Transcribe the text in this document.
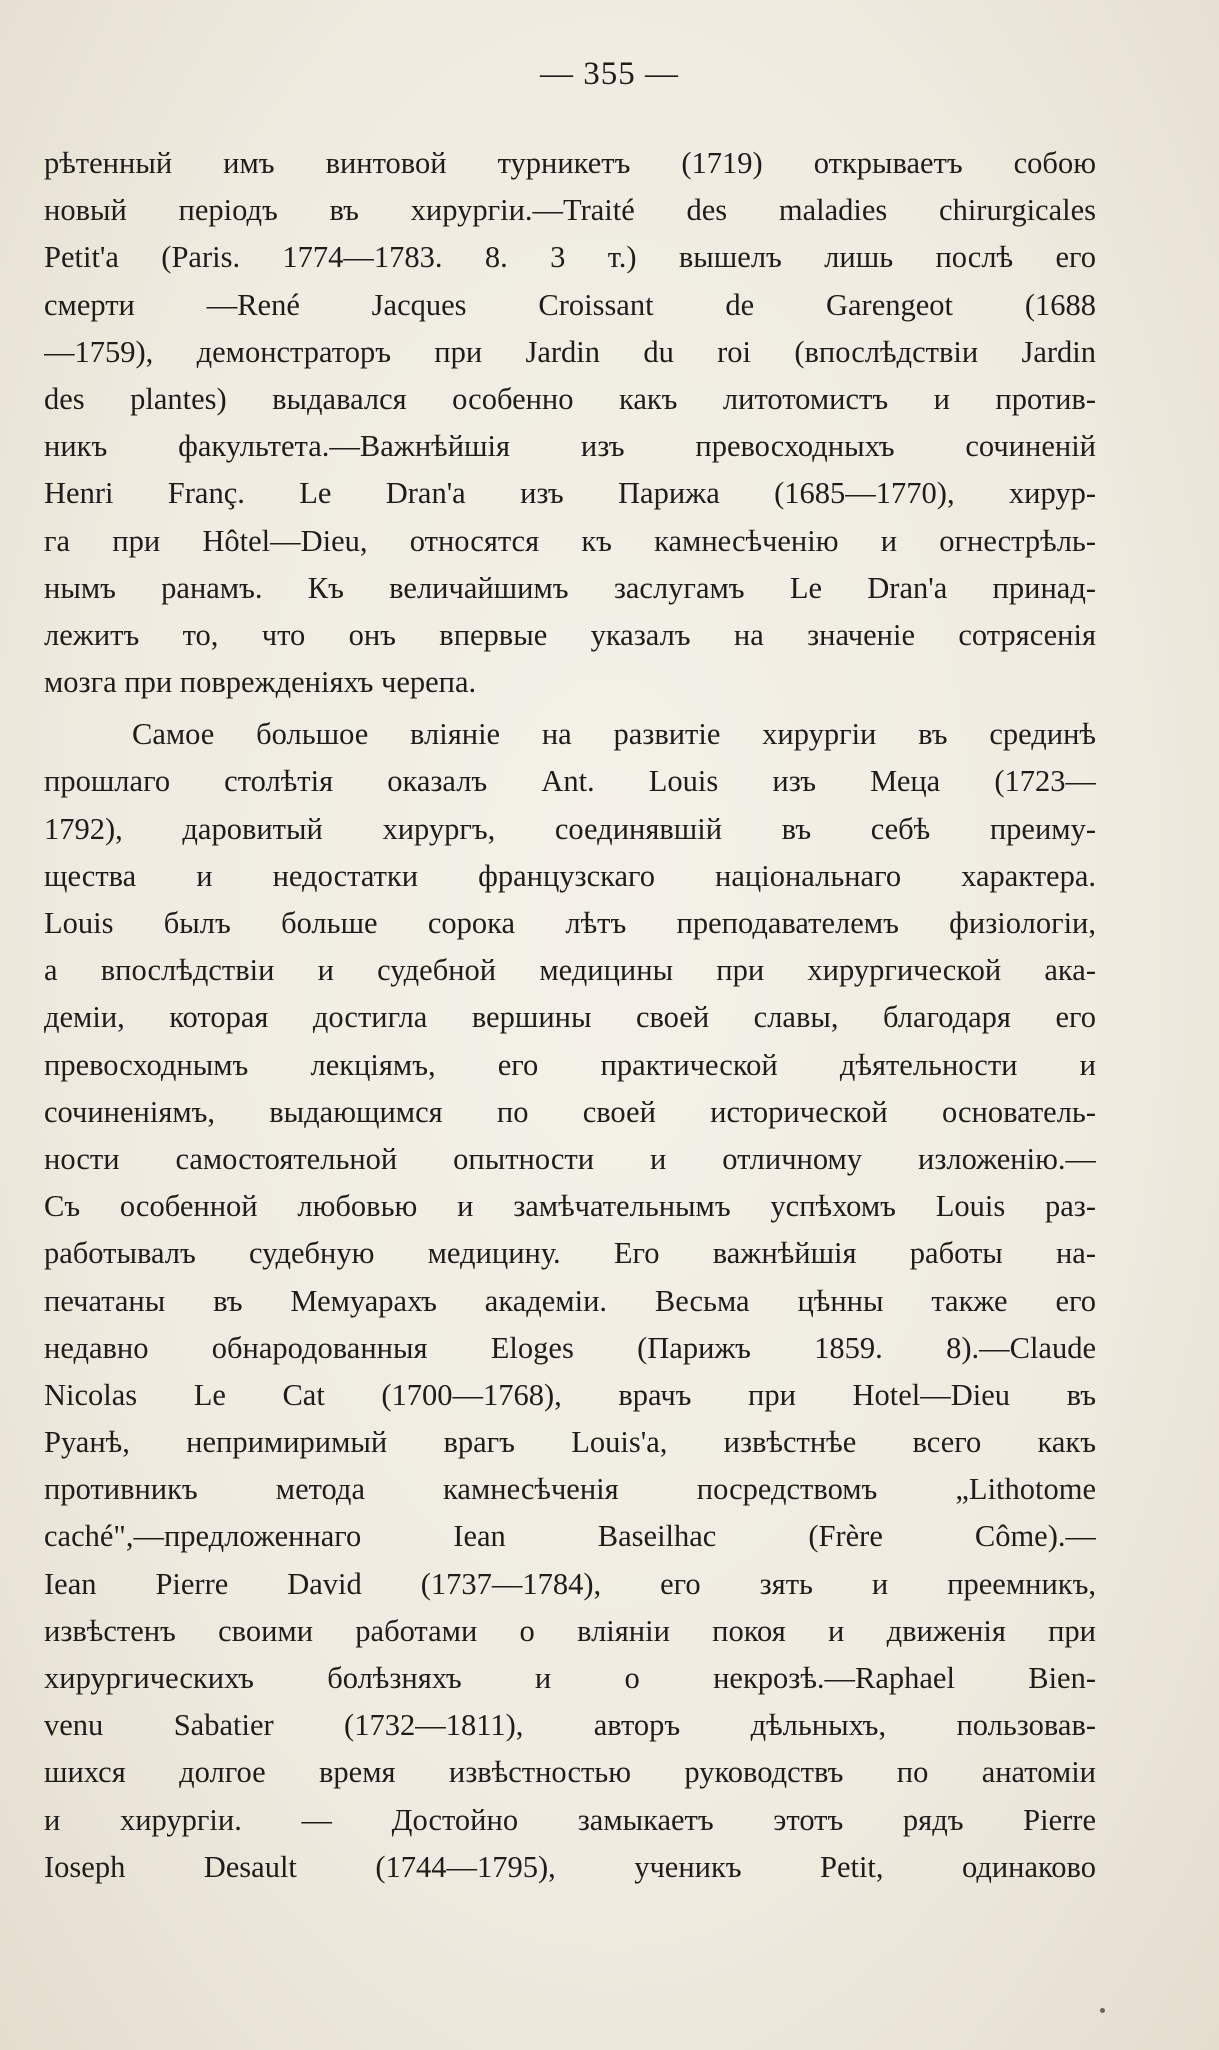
— 355 —
рѣтенный имъ винтовой турникетъ (1719) открываетъ собою
новый періодъ въ хирургіи.—Traité des maladies chirurgicales
Petit'a (Paris. 1774—1783. 8. 3 т.) вышелъ лишь послѣ его
смерти —René Jacques Croissant de Garengeot (1688
—1759), демонстраторъ при Jardin du roi (впослѣдствіи Jardin
des plantes) выдавался особенно какъ литотомистъ и против-
никъ факультета.—Важнѣйшія изъ превосходныхъ сочиненій
Henri Franç. Le Dran'a изъ Парижа (1685—1770), хирур-
га при Hôtel—Dieu, относятся къ камнесѣченію и огнестрѣль-
нымъ ранамъ. Къ величайшимъ заслугамъ Le Dran'a принад-
лежитъ то, что онъ впервые указалъ на значеніе сотрясенія
мозга при поврежденіяхъ черепа.
Самое большое вліяніе на развитіе хирургіи въ срединѣ
прошлаго столѣтія оказалъ Ant. Louis изъ Меца (1723—
1792), даровитый хирургъ, соединявшій въ себѣ преиму-
щества и недостатки французскаго національнаго характера.
Louis былъ больше сорока лѣтъ преподавателемъ физіологіи,
а впослѣдствіи и судебной медицины при хирургической ака-
деміи, которая достигла вершины своей славы, благодаря его
превосходнымъ лекціямъ, его практической дѣятельности и
сочиненіямъ, выдающимся по своей исторической основатель-
ности самостоятельной опытности и отличному изложенію.—
Съ особенной любовью и замѣчательнымъ успѣхомъ Louis раз-
работывалъ судебную медицину. Его важнѣйшія работы на-
печатаны въ Мемуарахъ академіи. Весьма цѣнны также его
недавно обнародованныя Eloges (Парижъ 1859. 8).—Claude
Nicolas Le Cat (1700—1768), врачъ при Hotel—Dieu въ
Руанѣ, непримиримый врагъ Louis'a, извѣстнѣе всего какъ
противникъ метода камнесѣченія посредствомъ „Lithotome
caché",—предложеннаго Iean Baseilhac (Frère Côme).—
Iean Pierre David (1737—1784), его зять и преемникъ,
извѣстенъ своими работами о вліяніи покоя и движенія при
хирургическихъ болѣзняхъ и о некрозѣ.—Raphael Bien-
venu Sabatier (1732—1811), авторъ дѣльныхъ, пользовав-
шихся долгое время извѣстностью руководствъ по анатоміи
и хирургіи. — Достойно замыкаетъ этотъ рядъ Pierre
Ioseph Desault (1744—1795), ученикъ Petit, одинаково
